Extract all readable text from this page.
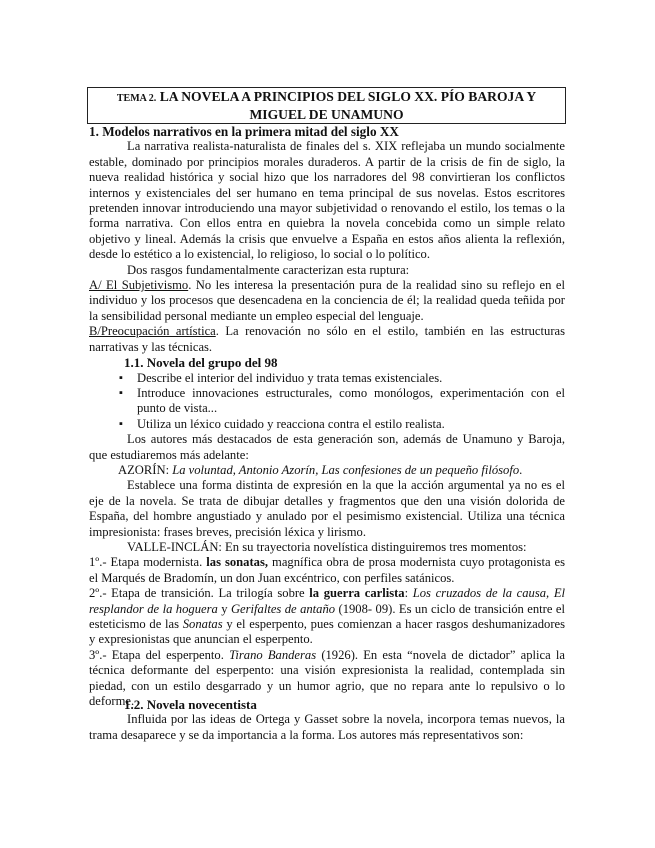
TEMA 2. LA NOVELA A PRINCIPIOS DEL SIGLO XX. PÍO BAROJA Y MIGUEL DE UNAMUNO

1. Modelos narrativos en la primera mitad del siglo XX

La narrativa realista-naturalista de finales del s. XIX reflejaba un mundo socialmente estable, dominado por principios morales duraderos. A partir de la crisis de fin de siglo, la nueva realidad histórica y social hizo que los narradores del 98 convirtieran los conflictos internos y existenciales del ser humano en tema principal de sus novelas. Estos escritores pretenden innovar introduciendo una mayor subjetividad o renovando el estilo, los temas o la forma narrativa. Con ellos entra en quiebra la novela concebida como un simple relato objetivo y lineal. Además la crisis que envuelve a España en estos años alienta la reflexión, desde lo estético a lo existencial, lo religioso, lo social o lo político.

Dos rasgos fundamentalmente caracterizan esta ruptura:

A/ El Subjetivismo. No les interesa la presentación pura de la realidad sino su reflejo en el individuo y los procesos que desencadena en la conciencia de él; la realidad queda teñida por la sensibilidad personal mediante un empleo especial del lenguaje.

B/Preocupación artística. La renovación no sólo en el estilo, también en las estructuras narrativas y las técnicas.

1.1. Novela del grupo del 98

▪ Describe el interior del individuo y trata temas existenciales.
▪ Introduce innovaciones estructurales, como monólogos, experimentación con el punto de vista...
▪ Utiliza un léxico cuidado y reacciona contra el estilo realista.

Los autores más destacados de esta generación son, además de Unamuno y Baroja, que estudiaremos más adelante:

AZORÍN: La voluntad, Antonio Azorín, Las confesiones de un pequeño filósofo.

Establece una forma distinta de expresión en la que la acción argumental ya no es el eje de la novela. Se trata de dibujar detalles y fragmentos que den una visión dolorida de España, del hombre angustiado y anulado por el pesimismo existencial. Utiliza una técnica impresionista: frases breves, precisión léxica y lirismo.

VALLE-INCLÁN: En su trayectoria novelística distinguiremos tres momentos:

1º.- Etapa modernista. las sonatas, magnífica obra de prosa modernista cuyo protagonista es el Marqués de Bradomín, un don Juan excéntrico, con perfiles satánicos.

2º.- Etapa de transición. La trilogía sobre la guerra carlista: Los cruzados de la causa, El resplandor de la hoguera y Gerifaltes de antaño (1908- 09). Es un ciclo de transición entre el esteticismo de las Sonatas y el esperpento, pues comienzan a hacer rasgos deshumanizadores y expresionistas que anuncian el esperpento.

3º.- Etapa del esperpento. Tirano Banderas (1926). En esta “novela de dictador” aplica la técnica deformante del esperpento: una visión expresionista la realidad, contemplada sin piedad, con un estilo desgarrado y un humor agrio, que no repara ante lo repulsivo o lo deforme.

1.2. Novela novecentista

Influida por las ideas de Ortega y Gasset sobre la novela, incorpora temas nuevos, la trama desaparece y se da importancia a la forma. Los autores más representativos son:
